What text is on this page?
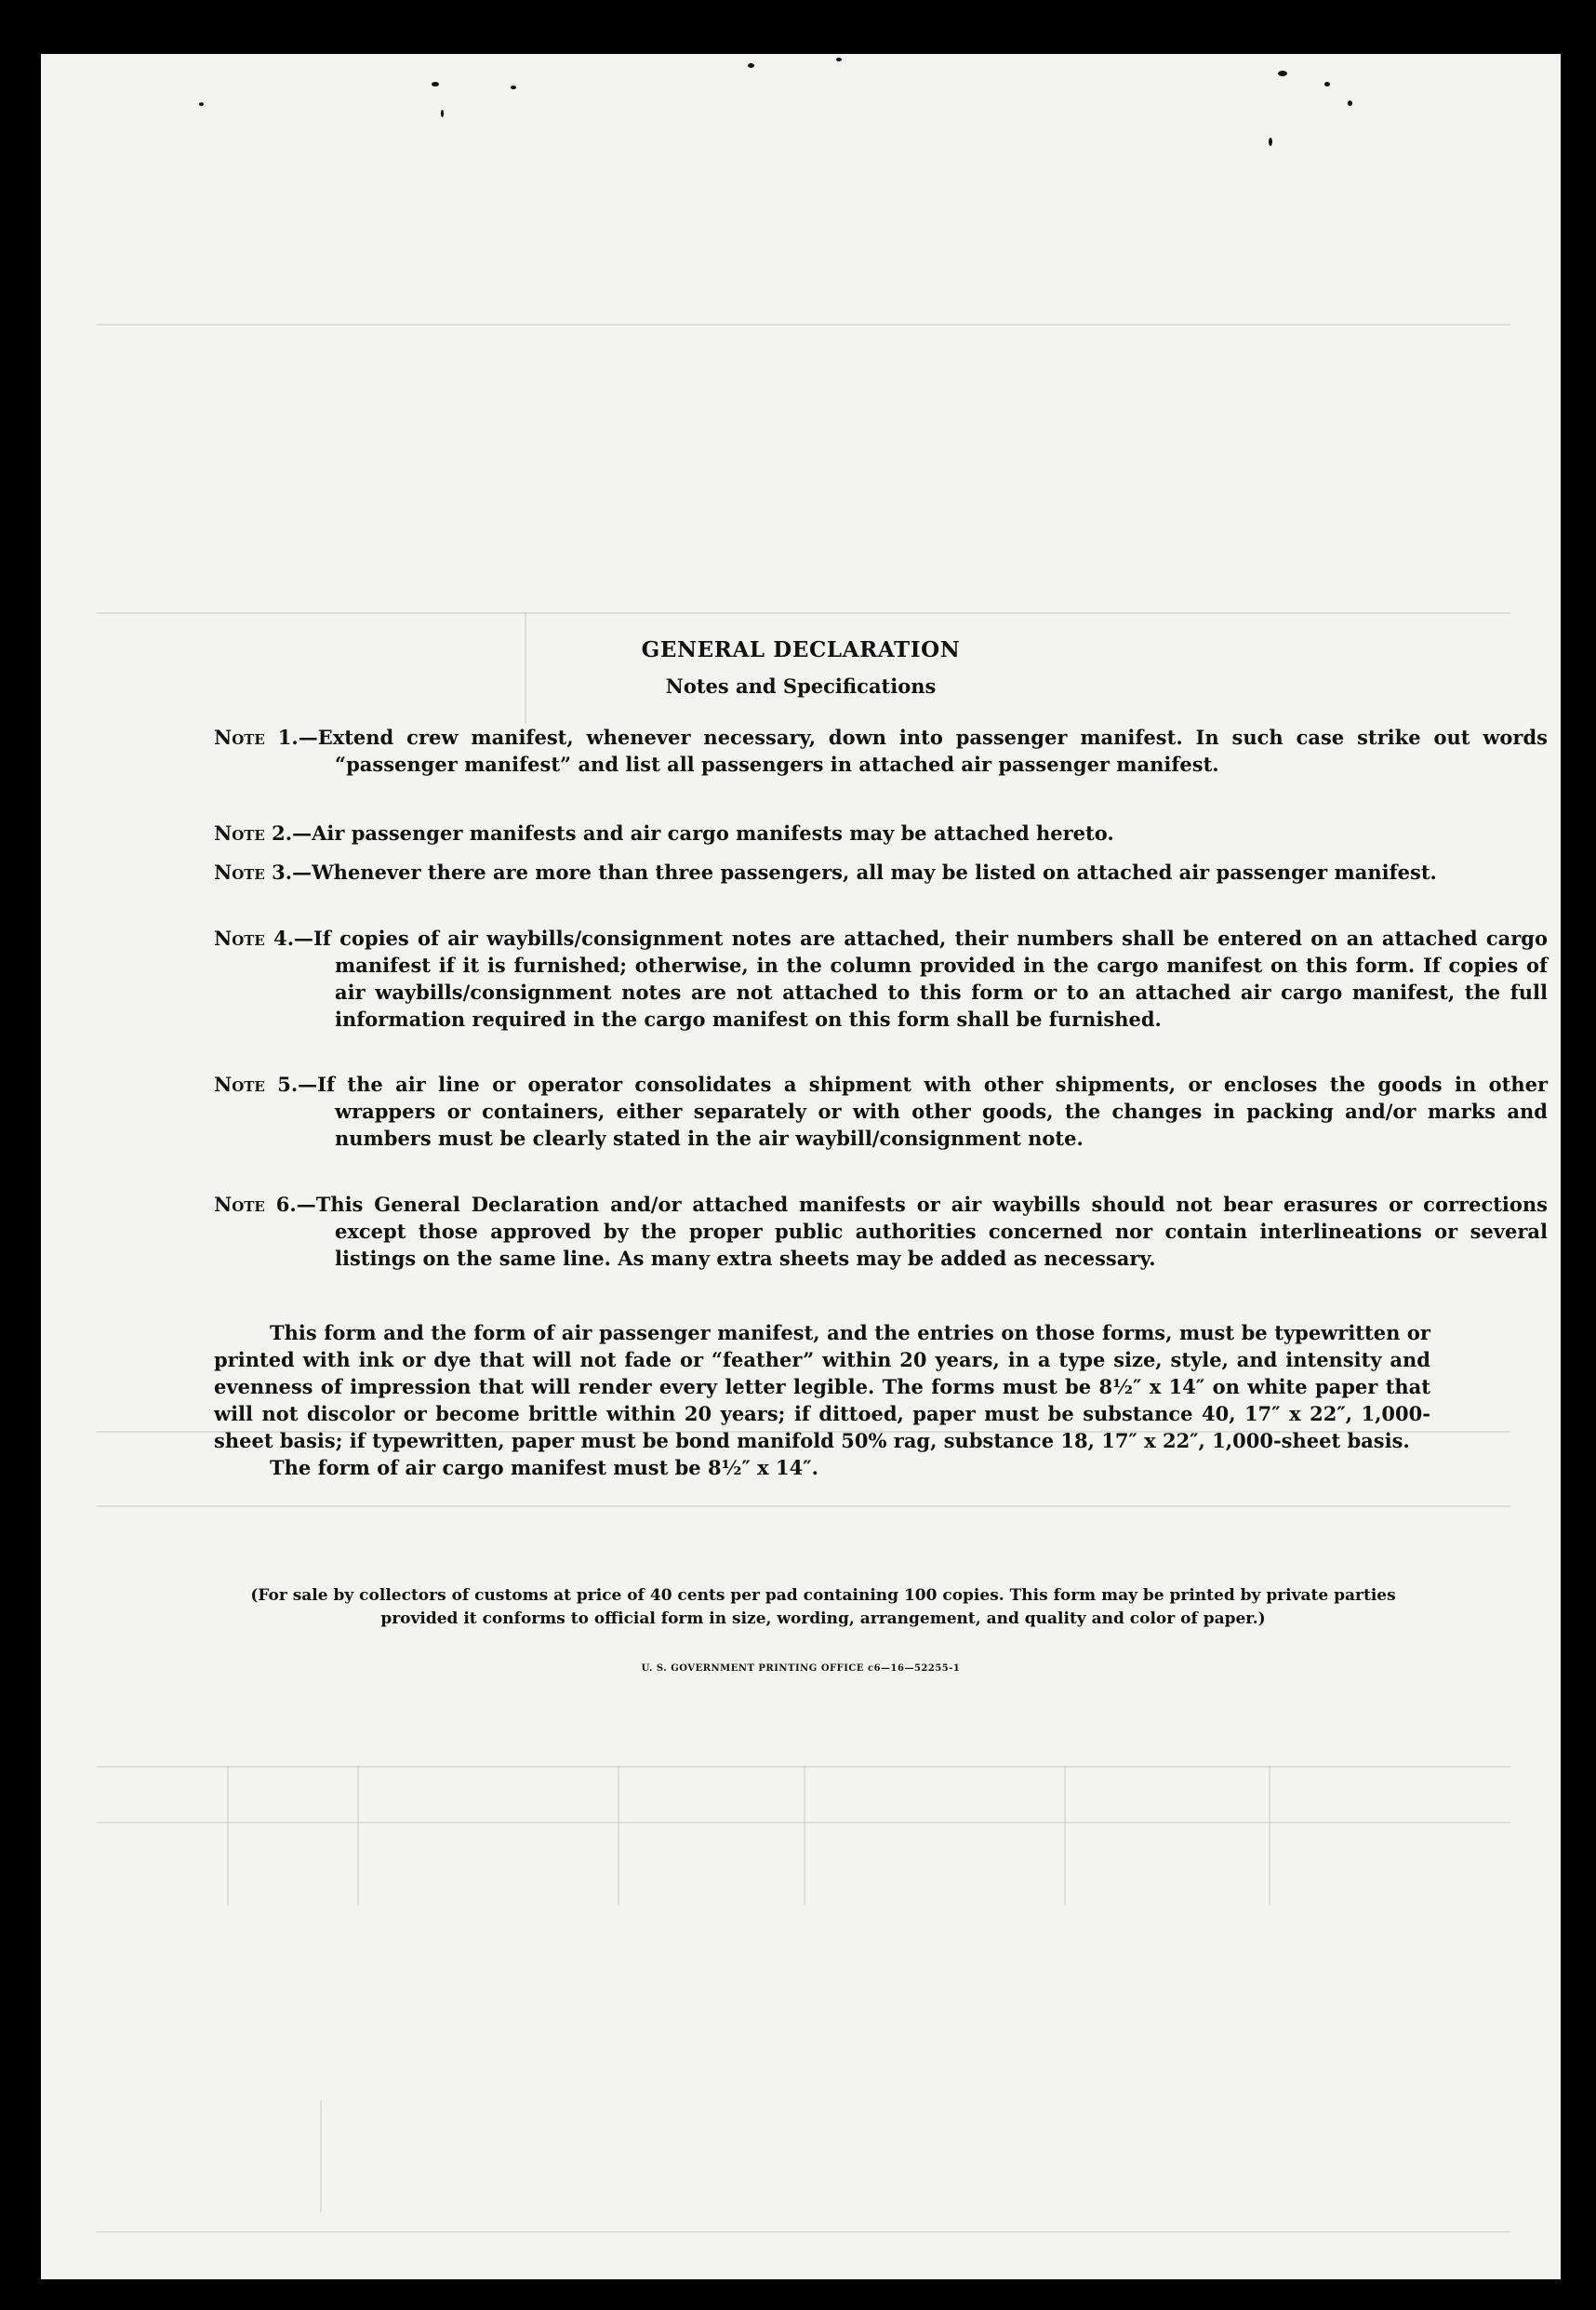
GENERAL DECLARATION
Notes and Specifications

Note 1.—Extend crew manifest, whenever necessary, down into passenger manifest. In such case strike out words “passenger manifest” and list all passengers in attached air passenger manifest.

Note 2.—Air passenger manifests and air cargo manifests may be attached hereto.

Note 3.—Whenever there are more than three passengers, all may be listed on attached air passenger manifest.

Note 4.—If copies of air waybills/consignment notes are attached, their numbers shall be entered on an attached cargo manifest if it is furnished; otherwise, in the column provided in the cargo manifest on this form. If copies of air waybills/consignment notes are not attached to this form or to an attached air cargo manifest, the full information required in the cargo manifest on this form shall be furnished.

Note 5.—If the air line or operator consolidates a shipment with other shipments, or encloses the goods in other wrappers or containers, either separately or with other goods, the changes in packing and/or marks and numbers must be clearly stated in the air waybill/consignment note.

Note 6.—This General Declaration and/or attached manifests or air waybills should not bear erasures or corrections except those approved by the proper public authorities concerned nor contain interlineations or several listings on the same line. As many extra sheets may be added as necessary.

This form and the form of air passenger manifest, and the entries on those forms, must be typewritten or printed with ink or dye that will not fade or “feather” within 20 years, in a type size, style, and intensity and evenness of impression that will render every letter legible. The forms must be 8½″ x 14″ on white paper that will not discolor or become brittle within 20 years; if dittoed, paper must be substance 40, 17″ x 22″, 1,000-sheet basis; if typewritten, paper must be bond manifold 50% rag, substance 18, 17″ x 22″, 1,000-sheet basis.

The form of air cargo manifest must be 8½″ x 14″.

(For sale by collectors of customs at price of 40 cents per pad containing 100 copies. This form may be printed by private parties provided it conforms to official form in size, wording, arrangement, and quality and color of paper.)

U. S. GOVERNMENT PRINTING OFFICE c6—16—52255-1
